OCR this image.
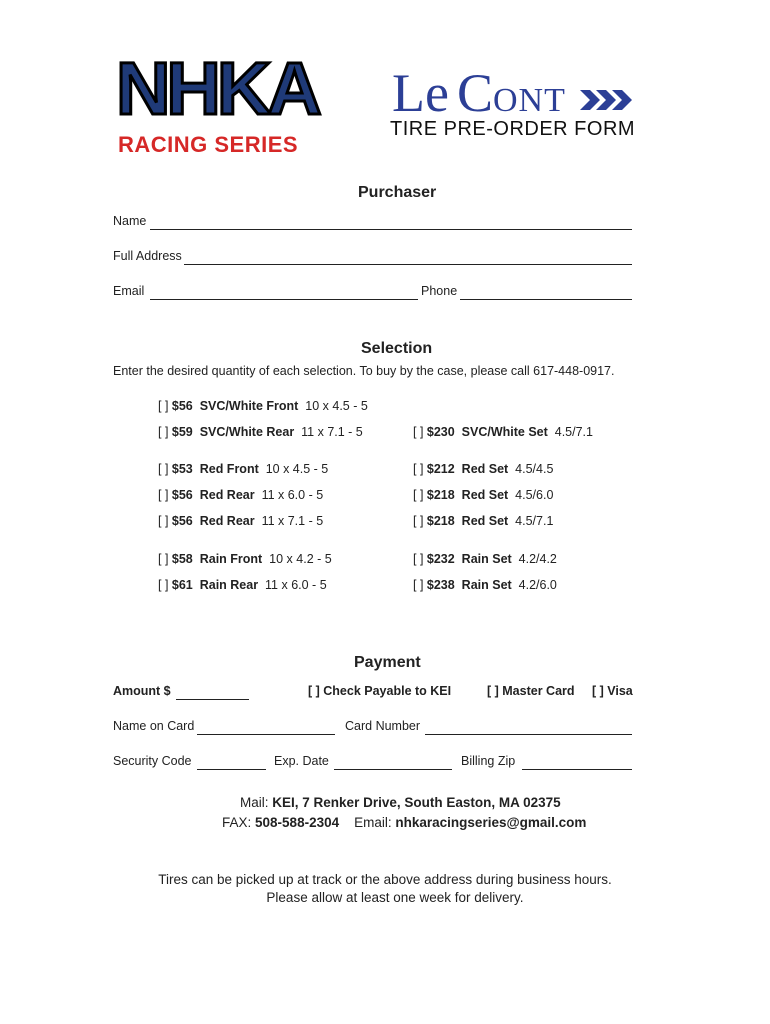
NHKA
RACING SERIES
Le CONT
TIRE PRE-ORDER FORM
Purchaser
Name
Full Address
Email	Phone
Selection
Enter the desired quantity of each selection. To buy by the case, please call 617-448-0917.
[ ] $56 SVC/White Front 10 x 4.5 - 5
[ ] $59 SVC/White Rear 11 x 7.1 - 5	[ ] $230 SVC/White Set 4.5/7.1
[ ] $53 Red Front 10 x 4.5 - 5	[ ] $212 Red Set 4.5/4.5
[ ] $56 Red Rear 11 x 6.0 - 5	[ ] $218 Red Set 4.5/6.0
[ ] $56 Red Rear 11 x 7.1 - 5	[ ] $218 Red Set 4.5/7.1
[ ] $58 Rain Front 10 x 4.2 - 5	[ ] $232 Rain Set 4.2/4.2
[ ] $61 Rain Rear 11 x 6.0 - 5	[ ] $238 Rain Set 4.2/6.0
Payment
Amount $	[ ] Check Payable to KEI	[ ] Master Card [ ] Visa
Name on Card	Card Number
Security Code	Exp. Date	Billing Zip
Mail: KEI, 7 Renker Drive, South Easton, MA 02375
FAX: 508-588-2304 Email: nhkaracingseries@gmail.com
Tires can be picked up at track or the above address during business hours.
Please allow at least one week for delivery.
